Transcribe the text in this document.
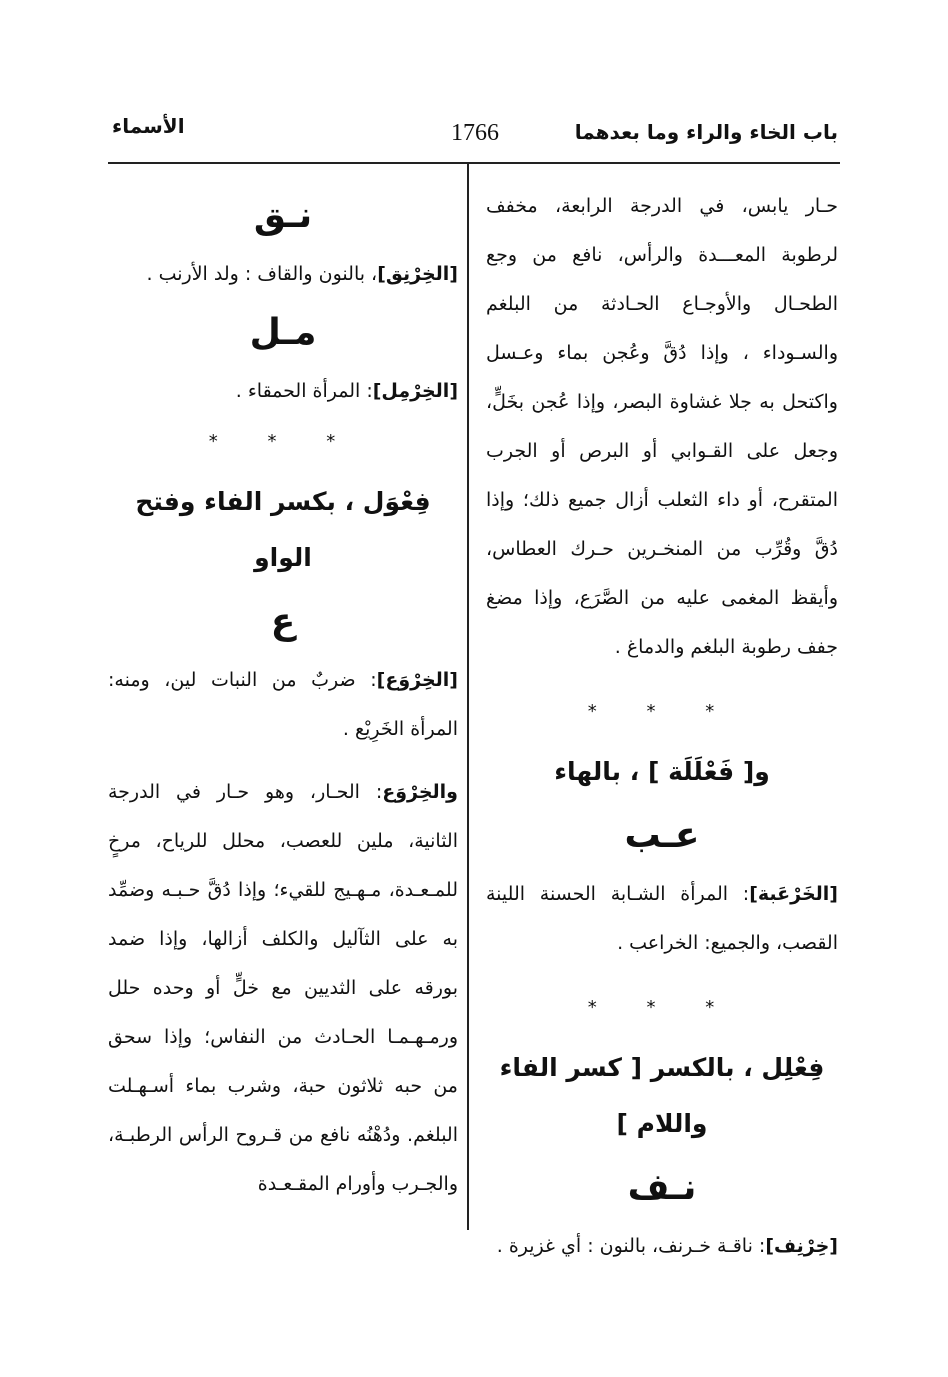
باب الخاء والراء وما بعدهما
1766
الأسماء

حـار يابس، في الدرجة الرابعة، مخفف لرطوبة المعـــدة والرأس، نافع من وجع الطحـال والأوجـاع الحـادثة من البلغم والسـوداء ، وإذا دُقَّ وعُجن بماء وعـسل واكتحل به جلا غشاوة البصر، وإذا عُجن بخَلٍّ، وجعل على القـوابي أو البرص أو الجرب المتقرح، أو داء الثعلب أزال جميع ذلك؛ وإذا دُقَّ وقُرِّب من المنخـرين حـرك العطاس، وأيقظ المغمى عليه من الصَّرَع، وإذا مضغ جفف رطوبة البلغم والدماغ .

* * *
و[ فَعْلَلَة ] ، بالهاء
عـب

[الخَرْعَبة]: المرأة الشـابة الحسنة اللينة القصب، والجميع: الخراعب .

* * *
فِعْلِل ، بالكسر [ كسر الفاء واللام ]
نـف

[خِرْنِف]: ناقـة خـرنف، بالنون : أي غزيرة .

نـق

[الخِرْنِق]، بالنون والقاف : ولد الأرنب .

مـل

[الخِرْمِل]: المرأة الحمقاء .

* * *
فِعْوَل ، بكسر الفاء وفتح الواو
ع

[الخِرْوَع]: ضربٌ من النبات لين، ومنه: المرأة الخَرِيْع .

والخِرْوَع: الحـار، وهو حـار في الدرجة الثانية، ملين للعصب، محلل للرياح، مرخٍ للمـعـدة، مـهـيج للقيء؛ وإذا دُقَّ حـبـه وضمِّد به على الثآليل والكلف أزالها، وإذا ضمد بورقه على الثديين مع خلٍّ أو وحده حلل ورمـهـمـا الحـادث من النفاس؛ وإذا سحق من حبه ثلاثون حبة، وشرب بماء أسـهـلت البلغم. ودُهْنُه نافع من قـروح الرأس الرطبـة، والجـرب وأورام المقـعـدة
